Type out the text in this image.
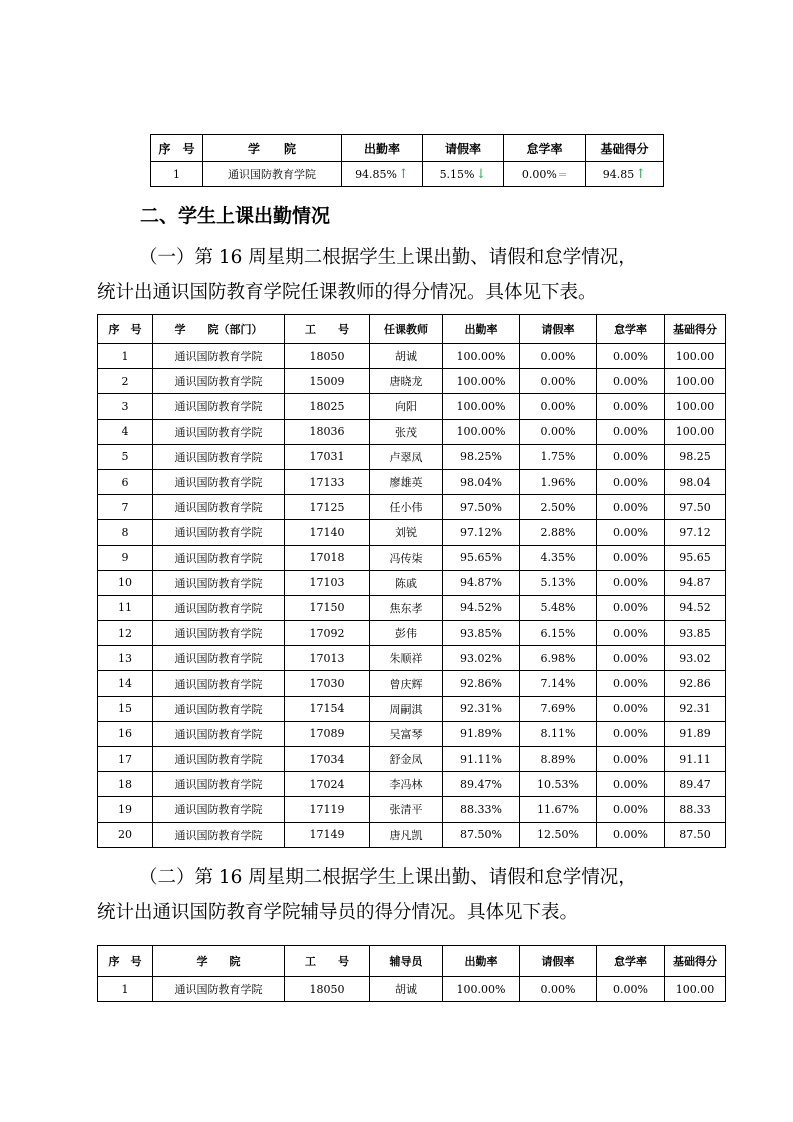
序　号	学　　院	出勤率	请假率	怠学率	基础得分
1	通识国防教育学院	94.85%↑	5.15%↓	0.00%=	94.85↑
二、学生上课出勤情况
（一）第 16 周星期二根据学生上课出勤、请假和怠学情况，
统计出通识国防教育学院任课教师的得分情况。具体见下表。
序　号	学　　院（部门）	工　　号	任课教师	出勤率	请假率	怠学率	基础得分
1	通识国防教育学院	18050	胡诚	100.00%	0.00%	0.00%	100.00
2	通识国防教育学院	15009	唐晓龙	100.00%	0.00%	0.00%	100.00
3	通识国防教育学院	18025	向阳	100.00%	0.00%	0.00%	100.00
4	通识国防教育学院	18036	张茂	100.00%	0.00%	0.00%	100.00
5	通识国防教育学院	17031	卢翠凤	98.25%	1.75%	0.00%	98.25
6	通识国防教育学院	17133	廖雄英	98.04%	1.96%	0.00%	98.04
7	通识国防教育学院	17125	任小伟	97.50%	2.50%	0.00%	97.50
8	通识国防教育学院	17140	刘锐	97.12%	2.88%	0.00%	97.12
9	通识国防教育学院	17018	冯传柒	95.65%	4.35%	0.00%	95.65
10	通识国防教育学院	17103	陈戚	94.87%	5.13%	0.00%	94.87
11	通识国防教育学院	17150	焦东孝	94.52%	5.48%	0.00%	94.52
12	通识国防教育学院	17092	彭伟	93.85%	6.15%	0.00%	93.85
13	通识国防教育学院	17013	朱顺祥	93.02%	6.98%	0.00%	93.02
14	通识国防教育学院	17030	曾庆辉	92.86%	7.14%	0.00%	92.86
15	通识国防教育学院	17154	周嗣淇	92.31%	7.69%	0.00%	92.31
16	通识国防教育学院	17089	吴富琴	91.89%	8.11%	0.00%	91.89
17	通识国防教育学院	17034	舒金凤	91.11%	8.89%	0.00%	91.11
18	通识国防教育学院	17024	李冯林	89.47%	10.53%	0.00%	89.47
19	通识国防教育学院	17119	张清平	88.33%	11.67%	0.00%	88.33
20	通识国防教育学院	17149	唐凡凯	87.50%	12.50%	0.00%	87.50
（二）第 16 周星期二根据学生上课出勤、请假和怠学情况，
统计出通识国防教育学院辅导员的得分情况。具体见下表。
序　号	学　　院	工　　号	辅导员	出勤率	请假率	怠学率	基础得分
1	通识国防教育学院	18050	胡诚	100.00%	0.00%	0.00%	100.00
